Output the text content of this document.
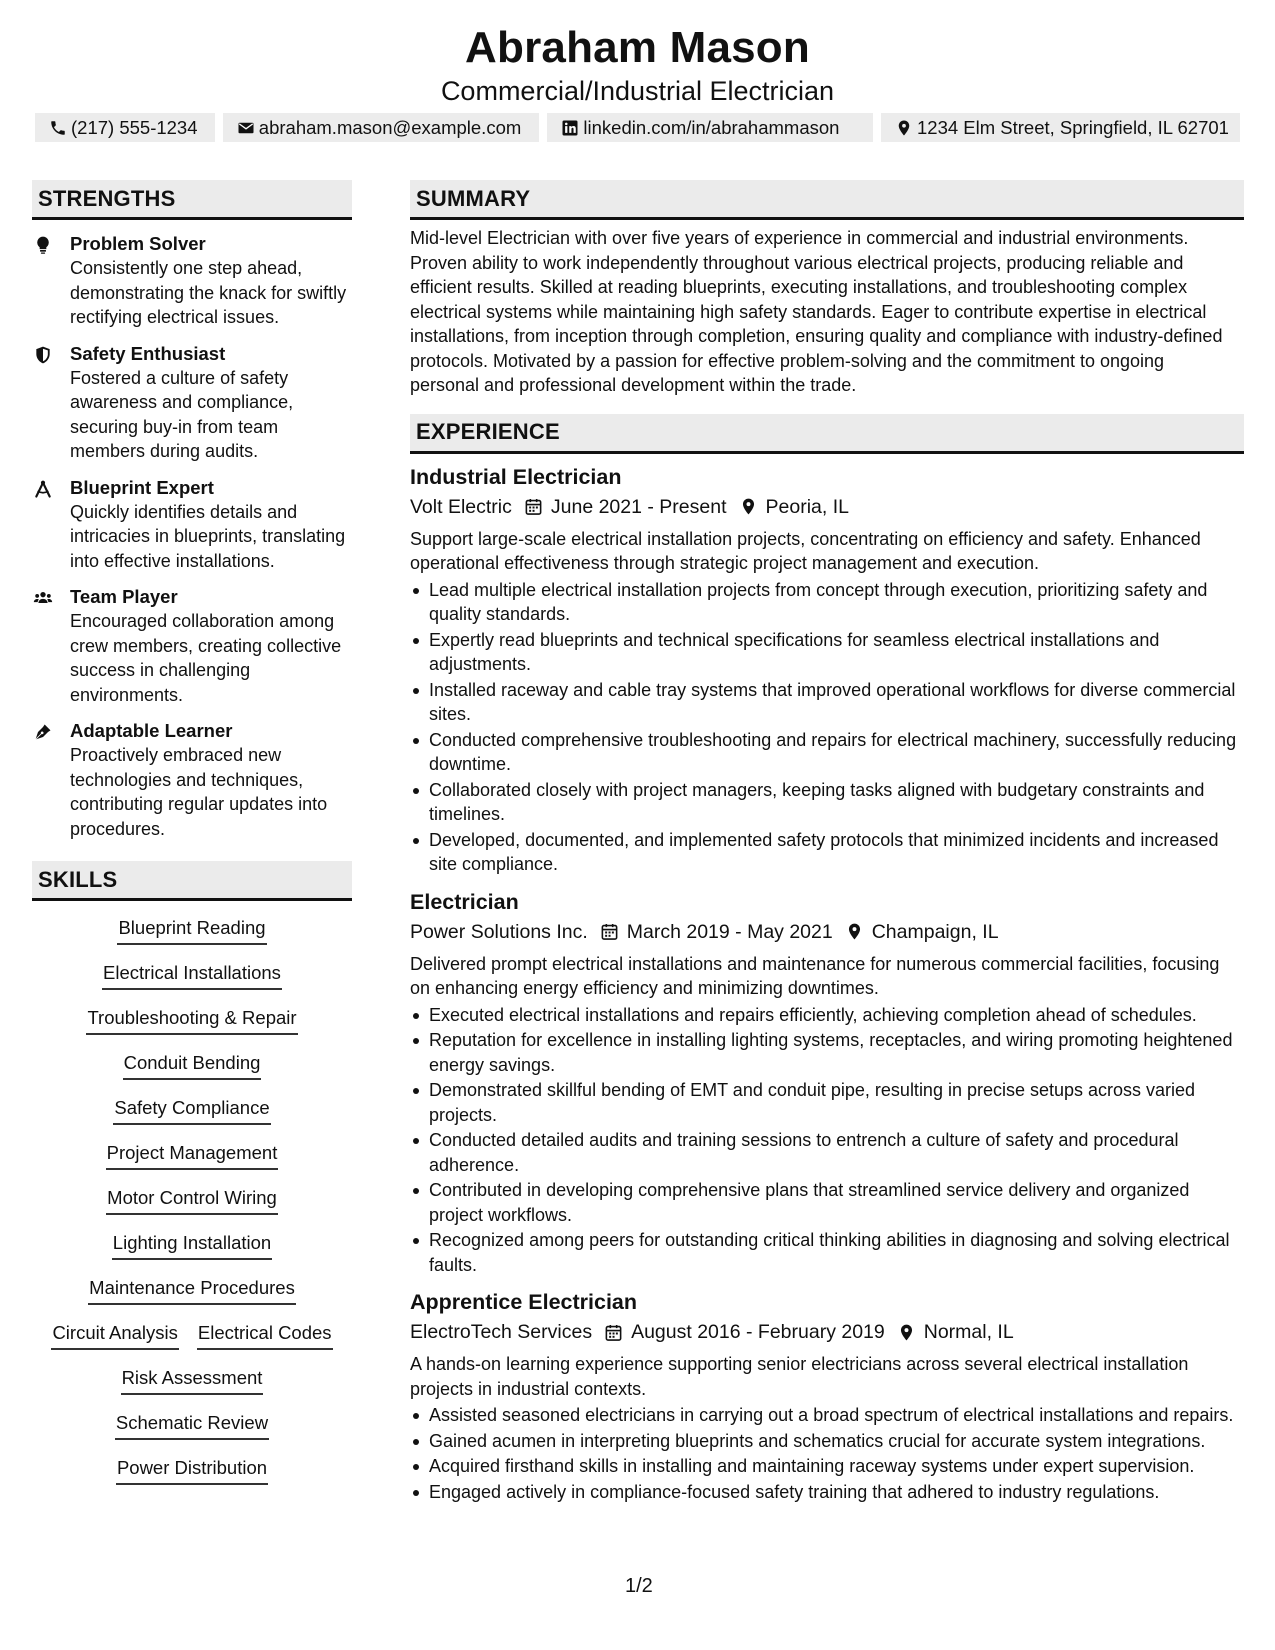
Abraham Mason
Commercial/Industrial Electrician
(217) 555-1234	abraham.mason@example.com	linkedin.com/in/abrahammason	1234 Elm Street, Springfield, IL 62701
STRENGTHS
Problem Solver
Consistently one step ahead, demonstrating the knack for swiftly rectifying electrical issues.
Safety Enthusiast
Fostered a culture of safety awareness and compliance, securing buy-in from team members during audits.
Blueprint Expert
Quickly identifies details and intricacies in blueprints, translating into effective installations.
Team Player
Encouraged collaboration among crew members, creating collective success in challenging environments.
Adaptable Learner
Proactively embraced new technologies and techniques, contributing regular updates into procedures.
SKILLS
Blueprint Reading
Electrical Installations
Troubleshooting & Repair
Conduit Bending
Safety Compliance
Project Management
Motor Control Wiring
Lighting Installation
Maintenance Procedures
Circuit Analysis Electrical Codes
Risk Assessment
Schematic Review
Power Distribution
SUMMARY
Mid-level Electrician with over five years of experience in commercial and industrial environments. Proven ability to work independently throughout various electrical projects, producing reliable and efficient results. Skilled at reading blueprints, executing installations, and troubleshooting complex electrical systems while maintaining high safety standards. Eager to contribute expertise in electrical installations, from inception through completion, ensuring quality and compliance with industry-defined protocols. Motivated by a passion for effective problem-solving and the commitment to ongoing personal and professional development within the trade.
EXPERIENCE
Industrial Electrician
Volt Electric June 2021 - Present Peoria, IL
Support large-scale electrical installation projects, concentrating on efficiency and safety. Enhanced operational effectiveness through strategic project management and execution.
Lead multiple electrical installation projects from concept through execution, prioritizing safety and quality standards.
Expertly read blueprints and technical specifications for seamless electrical installations and adjustments.
Installed raceway and cable tray systems that improved operational workflows for diverse commercial sites.
Conducted comprehensive troubleshooting and repairs for electrical machinery, successfully reducing downtime.
Collaborated closely with project managers, keeping tasks aligned with budgetary constraints and timelines.
Developed, documented, and implemented safety protocols that minimized incidents and increased site compliance.
Electrician
Power Solutions Inc. March 2019 - May 2021 Champaign, IL
Delivered prompt electrical installations and maintenance for numerous commercial facilities, focusing on enhancing energy efficiency and minimizing downtimes.
Executed electrical installations and repairs efficiently, achieving completion ahead of schedules.
Reputation for excellence in installing lighting systems, receptacles, and wiring promoting heightened energy savings.
Demonstrated skillful bending of EMT and conduit pipe, resulting in precise setups across varied projects.
Conducted detailed audits and training sessions to entrench a culture of safety and procedural adherence.
Contributed in developing comprehensive plans that streamlined service delivery and organized project workflows.
Recognized among peers for outstanding critical thinking abilities in diagnosing and solving electrical faults.
Apprentice Electrician
ElectroTech Services August 2016 - February 2019 Normal, IL
A hands-on learning experience supporting senior electricians across several electrical installation projects in industrial contexts.
Assisted seasoned electricians in carrying out a broad spectrum of electrical installations and repairs.
Gained acumen in interpreting blueprints and schematics crucial for accurate system integrations.
Acquired firsthand skills in installing and maintaining raceway systems under expert supervision.
Engaged actively in compliance-focused safety training that adhered to industry regulations.
1/2
